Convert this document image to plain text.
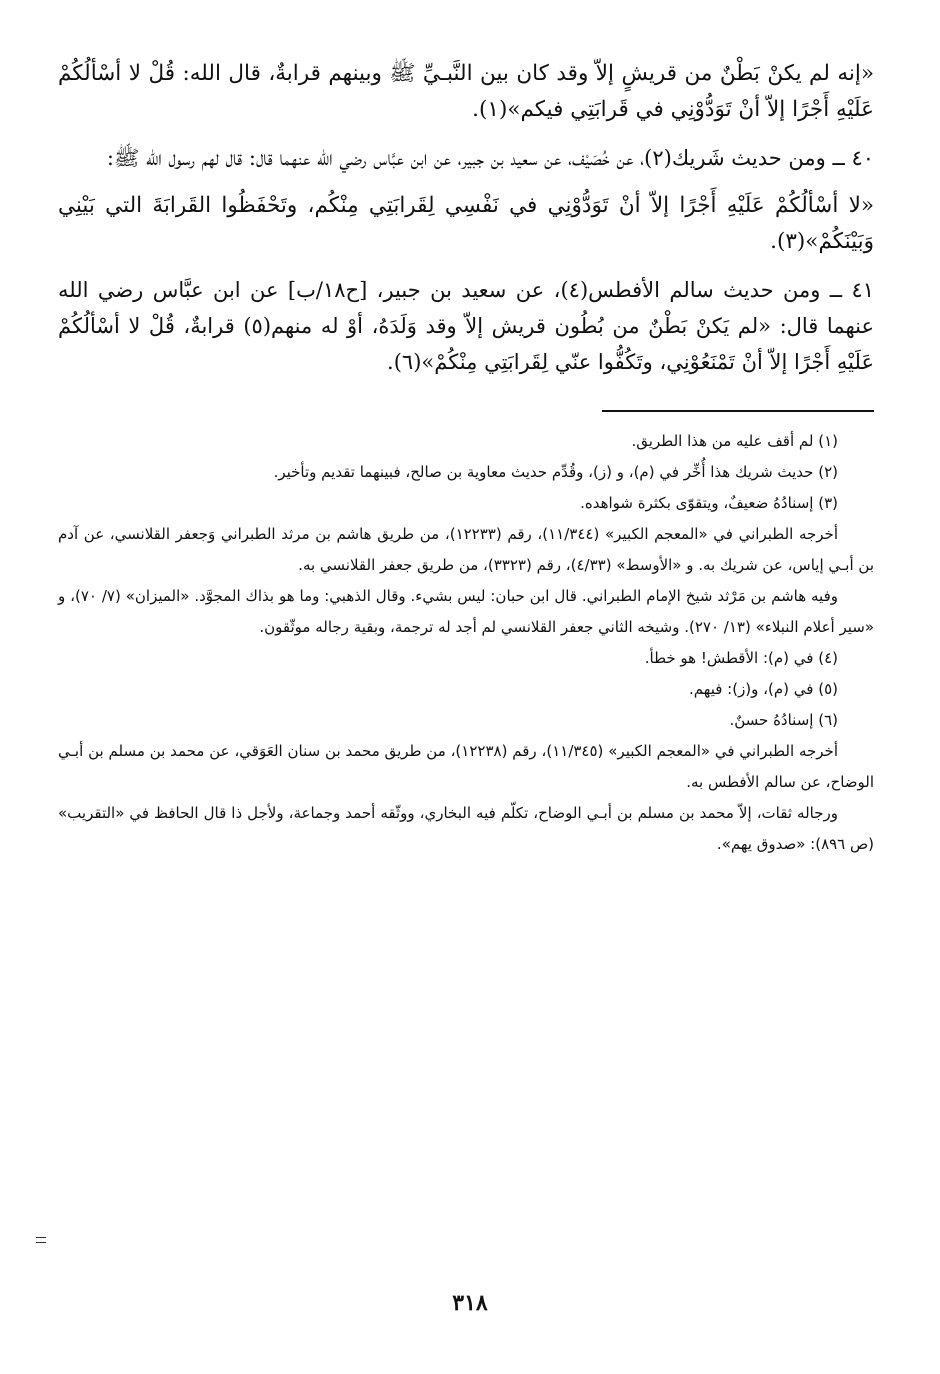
«إنه لم يكنْ بَطْنٌ من قريشٍ إلاّ وقد كان بين النَّبـيِّ ﷺ وبينهم قرابةٌ، قال الله: قُلْ لا أسْألُكُمْ عَلَيْهِ أَجْرًا إلاّ أنْ تَوَدُّوْنِي في قَرابَتِي فيكم»(١).

٤٠ ــ ومن حديث شَريك(٢)، عن خُصَيْف، عن سعيد بن جبير، عن ابن عبَّاس رضي الله عنهما قال: قال لهم رسول الله ﷺ:

«لا أسْألُكُمْ عَلَيْهِ أَجْرًا إلاّ أنْ تَوَدُّوْنِي في نَفْسِي لِقَرابَتِي مِنْكُم، وتَحْفَظُوا القَرابَةَ التي بَيْنِي وَبَيْنَكُمْ»(٣).

٤١ ــ ومن حديث سالم الأفطس(٤)، عن سعيد بن جبير، [ح١٨/ب] عن ابن عبَّاس رضي الله عنهما قال: «لم يَكنْ بَطْنٌ من بُطُون قريش إلاّ وقد وَلَدَهُ، أوْ له منهم(٥) قرابةٌ، قُلْ لا أسْألُكُمْ عَلَيْهِ أَجْرًا إلاّ أنْ تَمْنَعُوْنِي، وتَكُفُّوا عنّي لِقَرابَتِي مِنْكُمْ»(٦).

(١) لم أقف عليه من هذا الطريق.

(٢) حديث شريك هذا أُخِّر في (م)، و (ز)، وقُدِّم حديث معاوية بن صالح، فبينهما تقديم وتأخير.

(٣) إسنادُهُ ضعيفٌ، ويتقوّى بكثرة شواهده.

أخرجه الطبراني في «المعجم الكبير» (١١/٣٤٤)، رقم (١٢٢٣٣)، من طريق هاشم بن مرثد الطبراني وَجعفر القلانسي، عن آدم بن أبـي إياس، عن شريك به. و «الأوسط» (٤/٣٣)، رقم (٣٣٢٣)، من طريق جعفر القلانسي به.

وفيه هاشم بن مَرْثد شيخ الإمام الطبراني. قال ابن حبان: ليس بشيء. وقال الذهبي: وما هو بذاك المجوَّد. «الميزان» (٧/ ٧٠)، و «سير أعلام النبلاء» (١٣/ ٢٧٠). وشيخه الثاني جعفر القلانسي لم أجد له ترجمة، وبقية رجاله موثّقون.

(٤) في (م): الأقطش! هو خطأ.

(٥) في (م)، و(ز): فيهم.

(٦) إسنادُهُ حسنٌ.

أخرجه الطبراني في «المعجم الكبير» (١١/٣٤٥)، رقم (١٢٢٣٨)، من طريق محمد بن سنان العَوَقي، عن محمد بن مسلم بن أبـي الوضاح، عن سالم الأفطس به.

ورجاله ثقات، إلاّ محمد بن مسلم بن أبـي الوضاح، تكلّم فيه البخاري، ووثّقه أحمد وجماعة، ولأجل ذا قال الحافظ في «التقريب» (ص ٨٩٦): «صدوق يهم».

٣١٨
